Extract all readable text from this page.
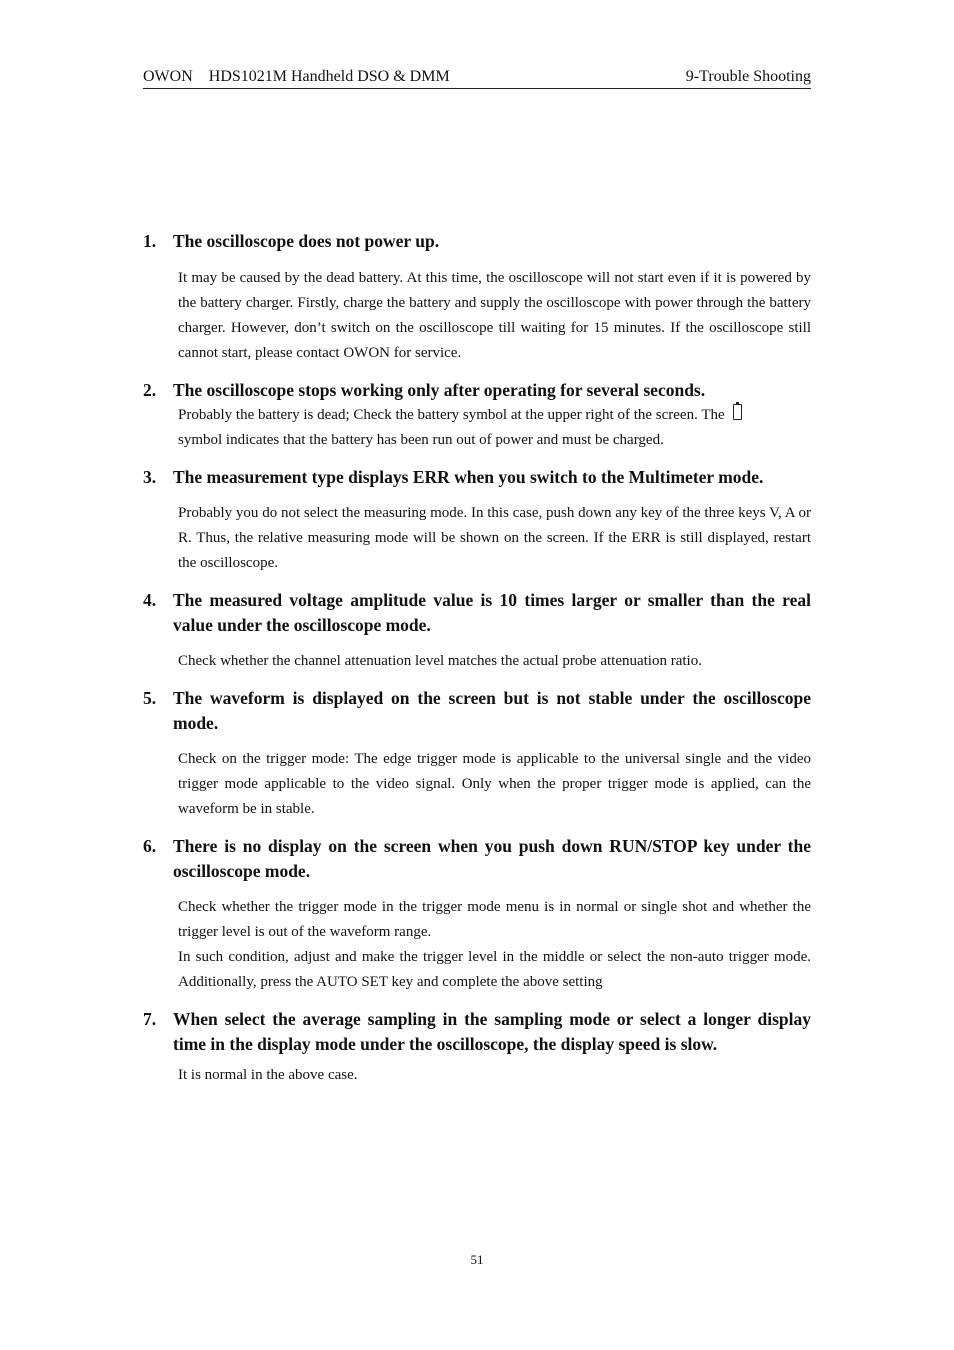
OWON    HDS1021M Handheld DSO & DMM	9-Trouble Shooting
1. The oscilloscope does not power up.

It may be caused by the dead battery. At this time, the oscilloscope will not start even if it is powered by the battery charger. Firstly, charge the battery and supply the oscilloscope with power through the battery charger. However, don’t switch on the oscilloscope till waiting for 15 minutes. If the oscilloscope still cannot start, please contact OWON for service.

2. The oscilloscope stops working only after operating for several seconds.

Probably the battery is dead; Check the battery symbol at the upper right of the screen. The

symbol indicates that the battery has been run out of power and must be charged.

3. The measurement type displays ERR when you switch to the Multimeter mode.

Probably you do not select the measuring mode. In this case, push down any key of the three keys V, A or R. Thus, the relative measuring mode will be shown on the screen. If the ERR is still displayed, restart the oscilloscope.

4. The measured voltage amplitude value is 10 times larger or smaller than the real value under the oscilloscope mode.

Check whether the channel attenuation level matches the actual probe attenuation ratio.

5. The waveform is displayed on the screen but is not stable under the oscilloscope mode.

Check on the trigger mode: The edge trigger mode is applicable to the universal single and the video trigger mode applicable to the video signal. Only when the proper trigger mode is applied, can the waveform be in stable.

6. There is no display on the screen when you push down RUN/STOP key under the oscilloscope mode.

Check whether the trigger mode in the trigger mode menu is in normal or single shot and whether the trigger level is out of the waveform range.

In such condition, adjust and make the trigger level in the middle or select the non-auto trigger mode. Additionally, press the AUTO SET key and complete the above setting

7. When select the average sampling in the sampling mode or select a longer display time in the display mode under the oscilloscope, the display speed is slow.

It is normal in the above case.

51
